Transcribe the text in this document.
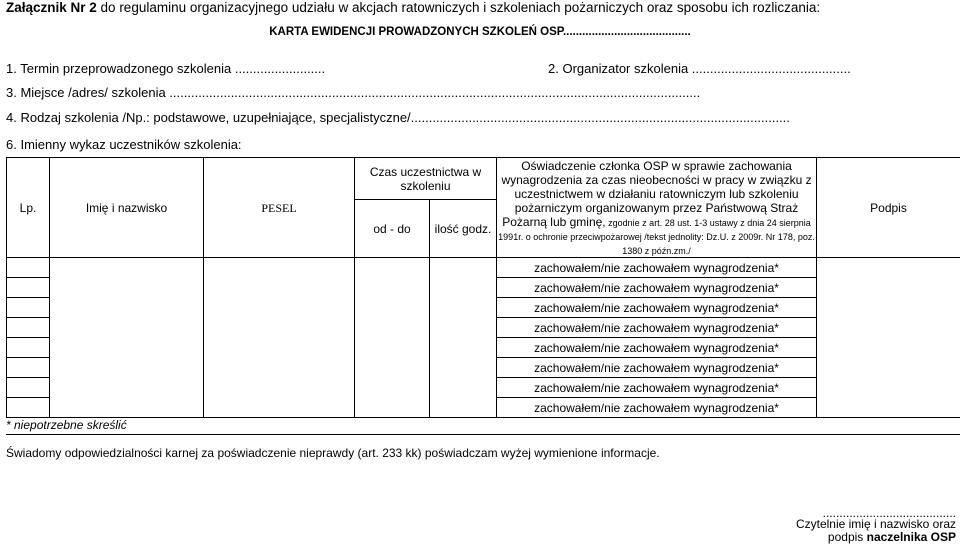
Załącznik Nr 2 do regulaminu organizacyjnego udziału w akcjach ratowniczych i szkoleniach pożarniczych oraz sposobu ich rozliczania:
KARTA EWIDENCJI PROWADZONYCH SZKOLEŃ OSP........................................
1. Termin przeprowadzonego szkolenia .........................	2. Organizator szkolenia ............................................
3. Miejsce /adres/ szkolenia ...................................................................................................................................................
4. Rodzaj szkolenia /Np.: podstawowe, uzupełniające, specjalistyczne/.........................................................................................................
6. Imienny wykaz uczestników szkolenia:
Lp.	Imię i nazwisko	PESEL	Czas uczestnictwa w szkoleniu		Oświadczenie członka OSP w sprawie zachowania wynagrodzenia za czas nieobecności w pracy w związku z uczestnictwem w działaniu ratowniczym lub szkoleniu pożarniczym organizowanym przez Państwową Straż Pożarną lub gminę, zgodnie z art. 28 ust. 1-3 ustawy z dnia 24 sierpnia 1991r. o ochronie przeciwpożarowej /tekst jednolity: Dz.U. z 2009r. Nr 178, poz. 1380 z późn.zm./	Podpis
			od - do	ilość godz.		
					zachowałem/nie zachowałem wynagrodzenia*	
					zachowałem/nie zachowałem wynagrodzenia*	
					zachowałem/nie zachowałem wynagrodzenia*	
					zachowałem/nie zachowałem wynagrodzenia*	
					zachowałem/nie zachowałem wynagrodzenia*	
					zachowałem/nie zachowałem wynagrodzenia*	
					zachowałem/nie zachowałem wynagrodzenia*	
					zachowałem/nie zachowałem wynagrodzenia*	
* niepotrzebne skreślić
Świadomy odpowiedzialności karnej za poświadczenie nieprawdy (art. 233 kk) poświadczam wyżej wymienione informacje.
........................................
Czytelnie imię i nazwisko oraz
podpis naczelnika OSP
